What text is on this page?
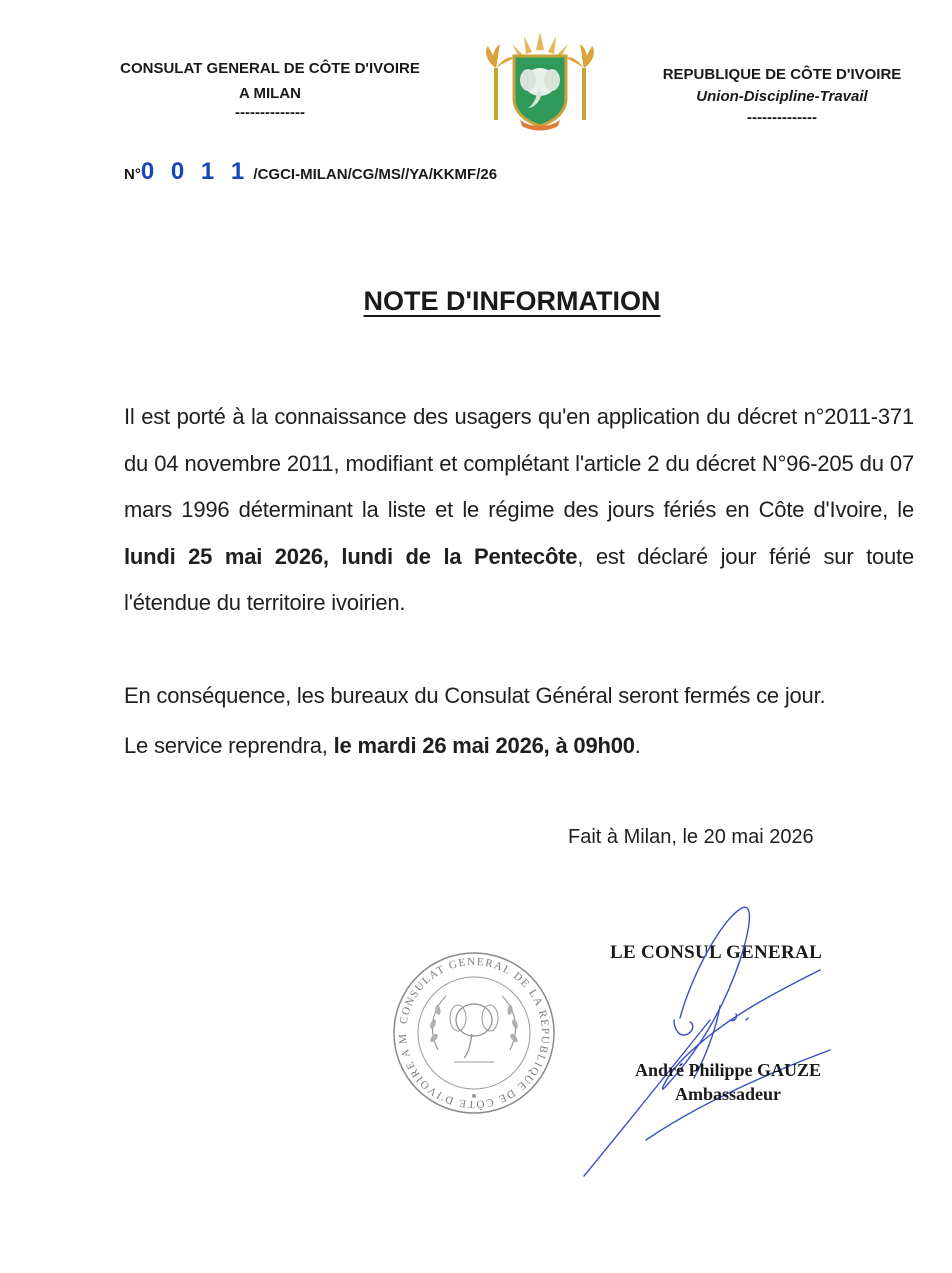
CONSULAT GENERAL DE CÔTE D'IVOIRE
A MILAN
--------------
REPUBLIQUE DE CÔTE D'IVOIRE
Union-Discipline-Travail
--------------
N°0 0 1 1 /CGCI-MILAN/CG/MS//YA/KKMF/26
NOTE D'INFORMATION
Il est porté à la connaissance des usagers qu'en application du décret n°2011-371 du 04 novembre 2011, modifiant et complétant l'article 2 du décret N°96-205 du 07 mars 1996 déterminant la liste et le régime des jours fériés en Côte d'Ivoire, le lundi 25 mai 2026, lundi de la Pentecôte, est déclaré jour férié sur toute l'étendue du territoire ivoirien.
En conséquence, les bureaux du Consulat Général seront fermés ce jour.
Le service reprendra, le mardi 26 mai 2026, à 09h00.
Fait à Milan, le 20 mai 2026
CONSULAT GENERAL DE LA REPUBLIQUE DE CÔTE D'IVOIRE A M
LE CONSUL GENERAL
André Philippe GAUZE
Ambassadeur
